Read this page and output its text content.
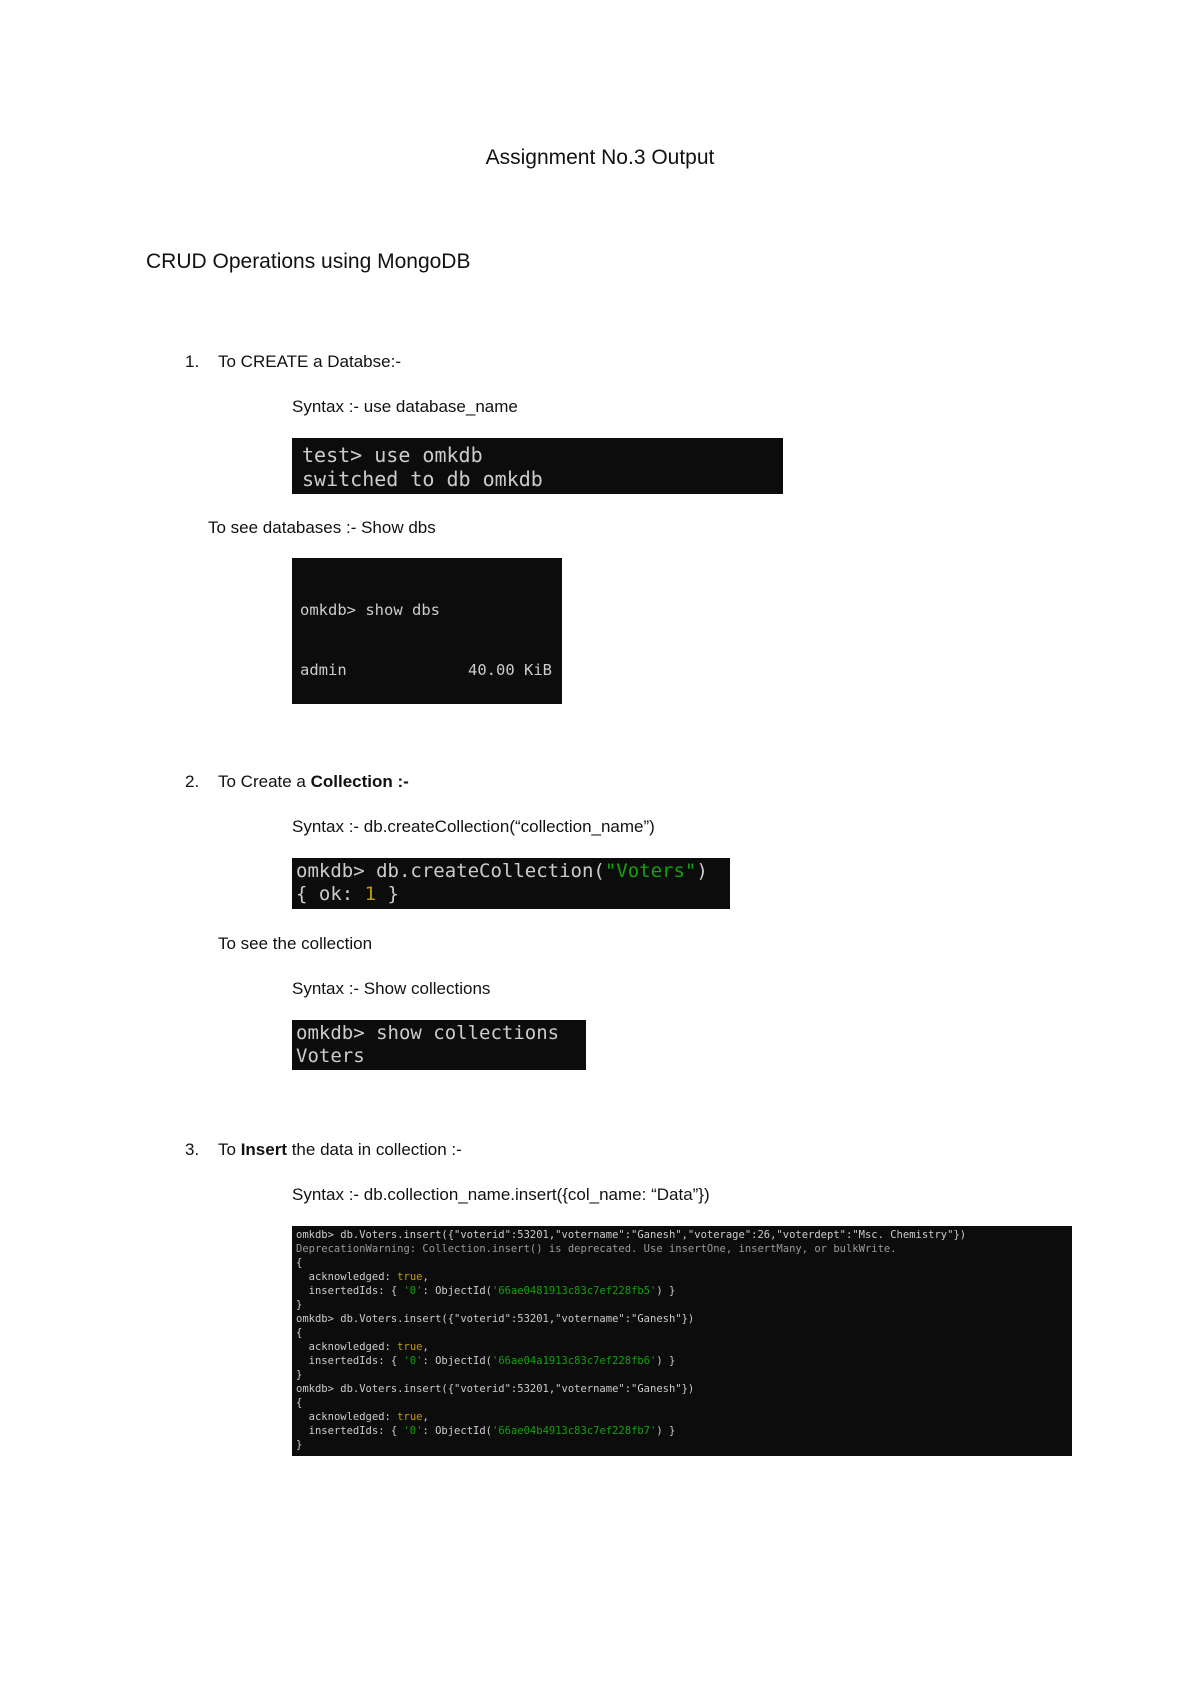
Assignment No.3 Output
CRUD Operations using MongoDB
1. To CREATE a Databse:-
Syntax :- use database_name
test> use omkdb
switched to db omkdb
To see databases :- Show dbs

omkdb> show dbs

admin	40.00 KiB

2. To Create a Collection :-
Syntax :- db.createCollection(“collection_name”)
omkdb> db.createCollection("Voters")
{ ok: 1 }
To see the collection
Syntax :- Show collections
omkdb> show collections
Voters
3. To Insert the data in collection :-
Syntax :- db.collection_name.insert({col_name: “Data”})
omkdb> db.Voters.insert({"voterid":53201,"votername":"Ganesh","voterage":26,"voterdept":"Msc. Chemistry"})
DeprecationWarning: Collection.insert() is deprecated. Use insertOne, insertMany, or bulkWrite.
{
acknowledged: true,
insertedIds: { '0': ObjectId('66ae0481913c83c7ef228fb5') }
}
omkdb> db.Voters.insert({"voterid":53201,"votername":"Ganesh"})
{
acknowledged: true,
insertedIds: { '0': ObjectId('66ae04a1913c83c7ef228fb6') }
}
omkdb> db.Voters.insert({"voterid":53201,"votername":"Ganesh"})
{
acknowledged: true,
insertedIds: { '0': ObjectId('66ae04b4913c83c7ef228fb7') }
}
